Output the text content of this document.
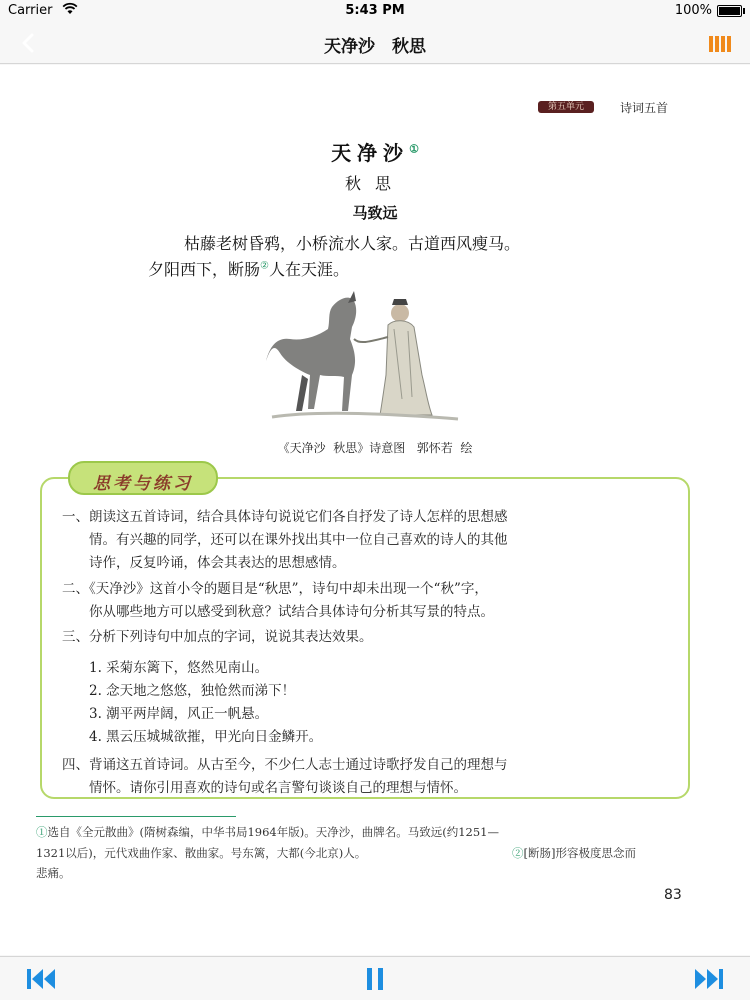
Carrier	5:43 PM	100%
天净沙　秋思
第五单元	诗词五首
天净沙①
秋思
马致远
枯藤老树昏鸦，小桥流水人家。古道西风瘦马。
夕阳西下，断肠②人在天涯。
《天净沙  秋思》诗意图   郭怀若  绘
思考与练习
一、朗读这五首诗词，结合具体诗句说说它们各自抒发了诗人怎样的思想感
　　情。有兴趣的同学，还可以在课外找出其中一位自己喜欢的诗人的其他
　　诗作，反复吟诵，体会其表达的思想感情。
二、《天净沙》这首小令的题目是“秋思”，诗句中却未出现一个“秋”字，
　　你从哪些地方可以感受到秋意？试结合具体诗句分析其写景的特点。
三、分析下列诗句中加点的字词，说说其表达效果。
　　1. 采菊东篱下，悠然见南山。
　　2. 念天地之悠悠，独怆然而涕下！
　　3. 潮平两岸阔，风正一帆悬。
　　4. 黑云压城城欲摧，甲光向日金鳞开。
四、背诵这五首诗词。从古至今，不少仁人志士通过诗歌抒发自己的理想与
　　情怀。请你引用喜欢的诗句或名言警句谈谈自己的理想与情怀。
①选自《全元散曲》(隋树森编，中华书局1964年版)。天净沙，曲牌名。马致远(约1251—
1321以后)，元代戏曲作家、散曲家。号东篱，大都(今北京)人。	②[断肠]形容极度思念而
悲痛。
83
